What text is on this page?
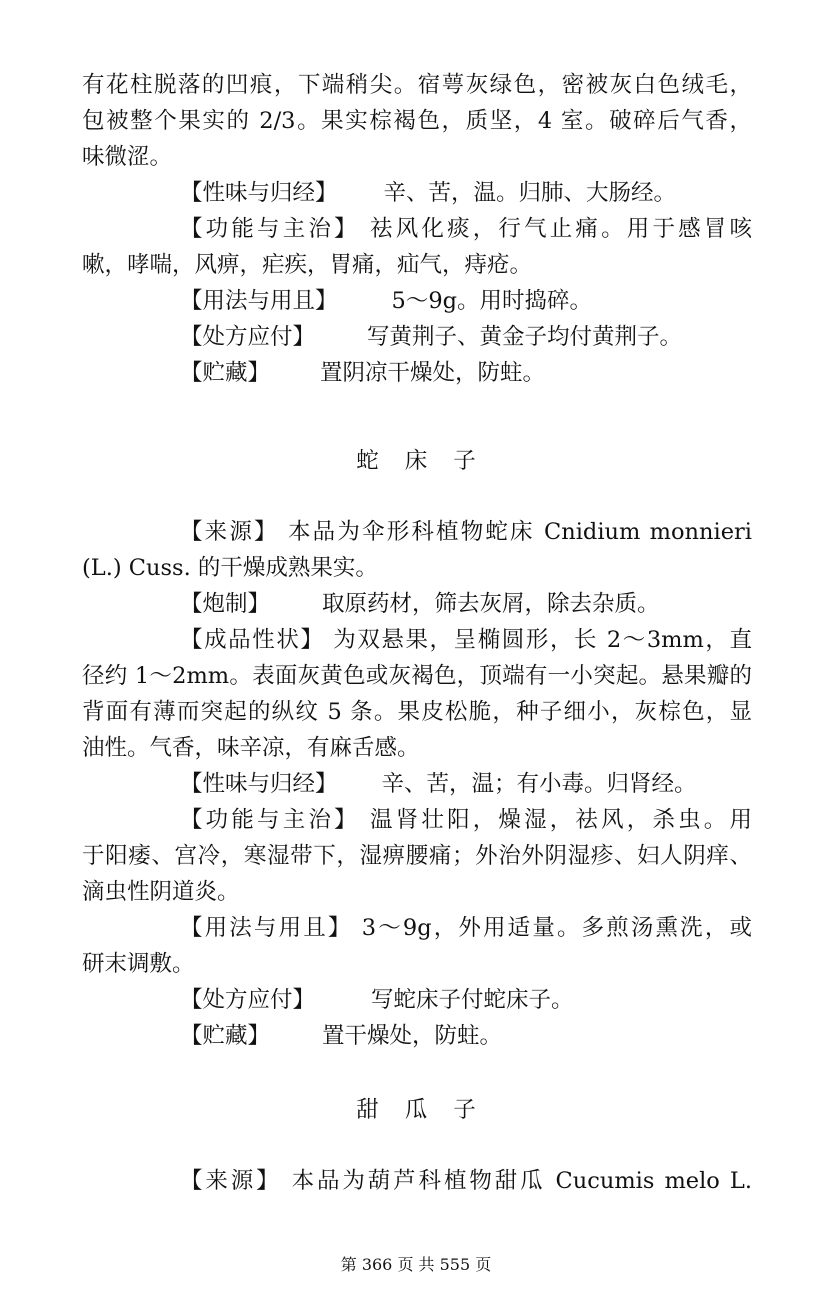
有花柱脱落的凹痕，下端稍尖。宿萼灰绿色，密被灰白色绒毛，
包被整个果实的 2/3。果实棕褐色，质坚，4 室。破碎后气香，
味微涩。
【性味与归经】 辛、苦，温。归肺、大肠经。
【功能与主治】 祛风化痰，行气止痛。用于感冒咳
嗽，哮喘，风痹，疟疾，胃痛，疝气，痔疮。
【用法与用且】 5～9g。用时捣碎。
【处方应付】 写黄荆子、黄金子均付黄荆子。
【贮藏】 置阴凉干燥处，防蛀。
蛇床子
【来源】 本品为伞形科植物蛇床 Cnidium monnieri
(L.) Cuss. 的干燥成熟果实。
【炮制】 取原药材，筛去灰屑，除去杂质。
【成品性状】 为双悬果，呈椭圆形，长 2～3mm，直
径约 1～2mm。表面灰黄色或灰褐色，顶端有一小突起。悬果瓣的
背面有薄而突起的纵纹 5 条。果皮松脆，种子细小，灰棕色，显
油性。气香，味辛凉，有麻舌感。
【性味与归经】 辛、苦，温；有小毒。归肾经。
【功能与主治】 温肾壮阳，燥湿，祛风，杀虫。用
于阳痿、宫冷，寒湿带下，湿痹腰痛；外治外阴湿疹、妇人阴痒、
滴虫性阴道炎。
【用法与用且】 3～9g，外用适量。多煎汤熏洗，或
研末调敷。
【处方应付】 写蛇床子付蛇床子。
【贮藏】 置干燥处，防蛀。
甜瓜子
【来源】 本品为葫芦科植物甜瓜 Cucumis melo L.
第 366 页 共 555 页
